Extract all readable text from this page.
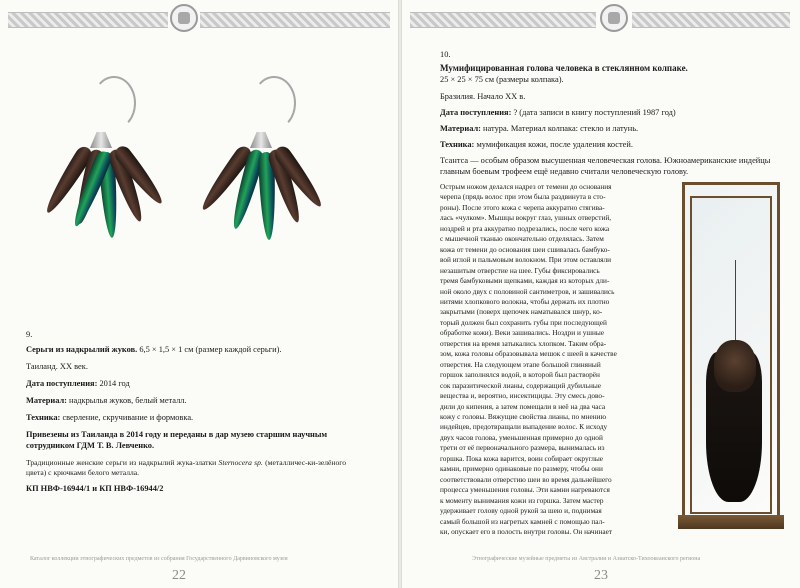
9.
Серьги из надкрылий жуков. 6,5 × 1,5 × 1 см (размер каждой серьги).
Таиланд. XX век.
Дата поступления: 2014 год
Материал: надкрылья жуков, белый металл.
Техника: сверление, скручивание и формовка.
Привезены из Таиланда в 2014 году и переданы в дар музею старшим научным сотрудником ГДМ Т. В. Левченко.
Традиционные женские серьги из надкрылий жука-златки Sternocera sp. (металличес-ки-зелёного цвета) с крючками белого металла.
КП НВФ-16944/1 и КП НВФ-16944/2
Каталог коллекции этнографических предметов из собрания Государственного Дарвиновского музея
22
10.
Мумифицированная голова человека в стеклянном колпаке.
25 × 25 × 75 см (размеры колпака).
Бразилия. Начало XX в.
Дата поступления: ? (дата записи в книгу поступлений 1987 год)
Материал: натура. Материал колпака: стекло и латунь.
Техника: мумификация кожи, после удаления костей.
Тсантса — особым образом высушенная человеческая голова. Южноамериканские индейцы главным боевым трофеем ещё недавно считали человеческую голову.
Острым ножом делался надрез от темени до основания
черепа (прядь волос при этом была раздвинута в сто-
роны). После этого кожа с черепа аккуратно стягива-
лась «чулком». Мышцы вокруг глаз, ушных отверстий,
ноздрей и рта аккуратно подрезались, после чего кожа
с мышечной тканью окончательно отделялась. Затем
кожа от темени до основания шеи сшивалась бамбуко-
вой иглой и пальмовым волокном. При этом оставляли
незашитым отверстие на шее. Губы фиксировались
тремя бамбуковыми щепками, каждая из которых дли-
ной около двух с половиной сантиметров, и зашивались
нитями хлопкового волокна, чтобы держать их плотно
закрытыми (поверх щепочек наматывался шнур, ко-
торый должен был сохранить губы при последующей
обработке кожи). Веки зашивались. Ноздри и ушные
отверстия на время затыкались хлопком. Таким обра-
зом, кожа головы образовывала мешок с шеей в качестве
отверстия. На следующем этапе большой глиняный
горшок заполнялся водой, в которой был растворён
сок паразитической лианы, содержащий дубильные
вещества и, вероятно, инсектициды. Эту смесь дово-
дили до кипения, а затем помещали в неё на два часа
кожу с головы. Вяжущие свойства лианы, по мнению
индейцев, предотвращали выпадение волос. К исходу
двух часов голова, уменьшенная примерно до одной
трети от её первоначального размера, вынималась из
горшка. Пока кожа варится, воин собирает округлые
камни, примерно одинаковые по размеру, чтобы они
соответствовали отверстию шеи во время дальнейшего
процесса уменьшения головы. Эти камни нагреваются
к моменту вынимания кожи из горшка. Затем мастер
удерживает голову одной рукой за шею и, поднимая
самый большой из нагретых камней с помощью пал-
ки, опускает его в полость внутри головы. Он начинает
Этнографические музейные предметы из Австралии и Азиатско-Тихоокеанского региона
23
